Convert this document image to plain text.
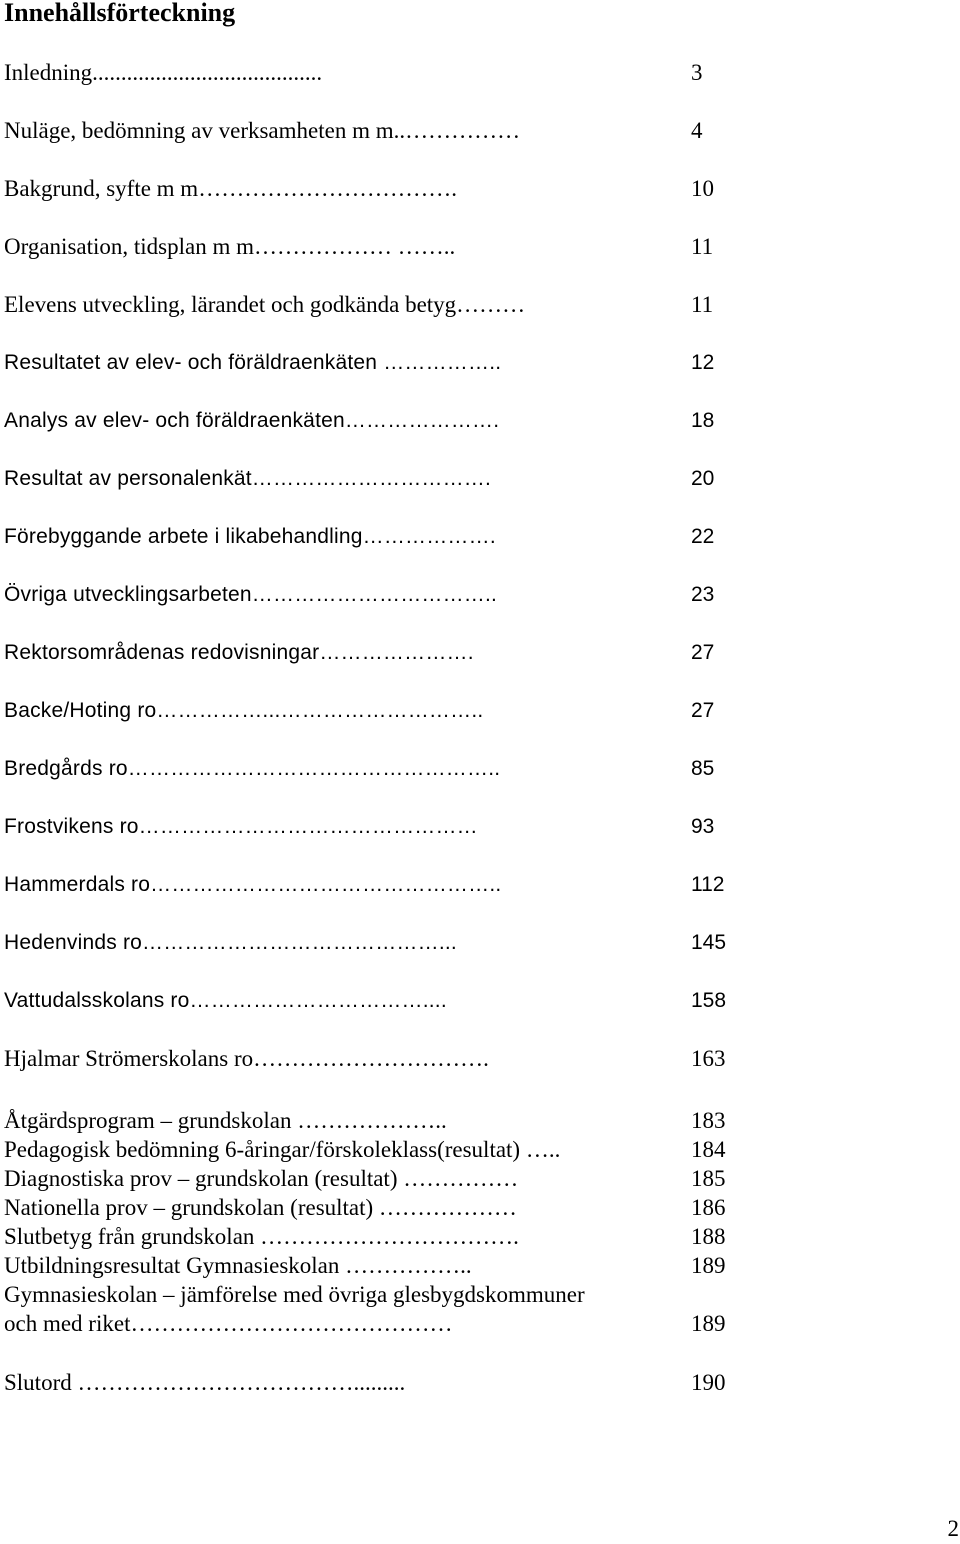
Innehållsförteckning
Inledning........................................	3
Nuläge, bedömning av verksamheten m m..……………	4
Bakgrund, syfte m m…………………………….	10
Organisation, tidsplan m m……………… ……..	11
Elevens utveckling, lärandet och godkända betyg………	11
Resultatet av elev- och föräldraenkäten ……………..	12
Analys av elev- och föräldraenkäten………………….	18
Resultat av personalenkät…………………………….	20
Förebyggande arbete i likabehandling……………….	22
Övriga utvecklingsarbeten……………………………..	23
Rektorsområdenas redovisningar………………….	27
Backe/Hoting ro……………...………………………..	27
Bredgårds ro……………………………………………..	85
Frostvikens ro…………………………………………	93
Hammerdals ro…………………………………………..	112
Hedenvinds ro……………………………………...	145
Vattudalsskolans ro……………………………....	158
Hjalmar Strömerskolans ro………………………….	163
Åtgärdsprogram – grundskolan ………………..	183
Pedagogisk bedömning 6-åringar/förskoleklass(resultat) …..	184
Diagnostiska prov – grundskolan (resultat) ……………	185
Nationella prov – grundskolan (resultat) ………………	186
Slutbetyg från grundskolan …………………………….	188
Utbildningsresultat Gymnasieskolan ……………..	189
Gymnasieskolan – jämförelse med övriga glesbygdskommuner
och med riket……………………………………	189
Slutord ……………………………….........	190
2
